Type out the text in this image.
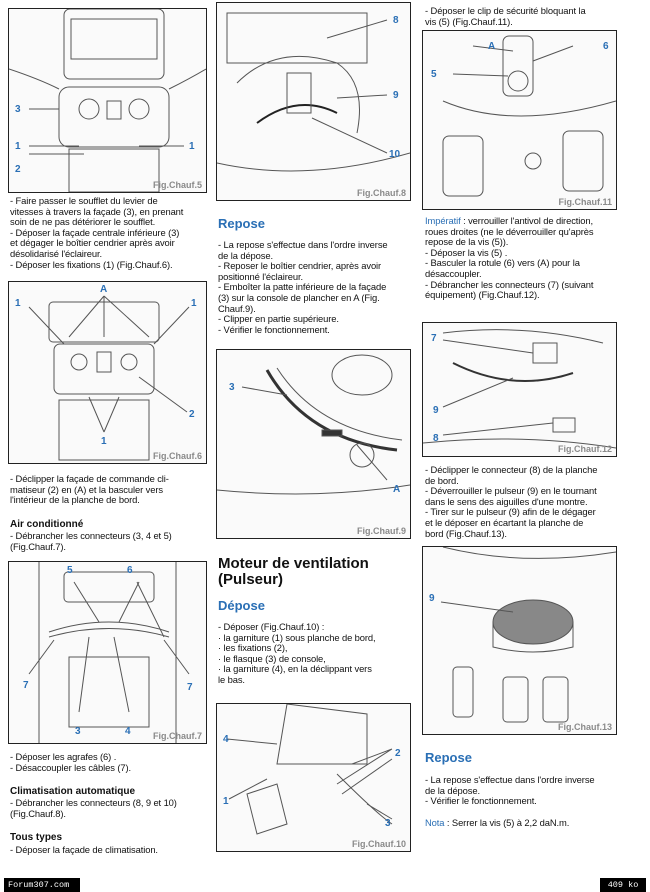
3
1	1
2
Fig.Chauf.5

- Faire passer le soufflet du levier de

vitesses à travers la façade (3), en prenant

soin de ne pas détériorer le soufflet.

- Déposer la façade centrale inférieure (3)

et dégager le boîtier cendrier après avoir

désolidarisé l'éclaireur.

- Déposer les fixations (1) (Fig.Chauf.6).

A
1	1
2
1
Fig.Chauf.6

- Déclipper la façade de commande cli-

matiseur (2) en (A) et la basculer vers

l'intérieur de la planche de bord.

Air conditionné

- Débrancher les connecteurs (3, 4 et 5)

(Fig.Chauf.7).

5	6
7	7
3	4 Fig.Chauf.7

- Déposer les agrafes (6) .

- Désaccoupler les câbles (7).

Climatisation automatique

- Débrancher les connecteurs (8, 9 et 10)

(Fig.Chauf.8).

Tous types

- Déposer la façade de climatisation.

8
9
10
Fig.Chauf.8
Repose

- La repose s'effectue dans l'ordre inverse

de la dépose.

- Reposer le boîtier cendrier, après avoir

positionné l'éclaireur.

- Emboîter la patte inférieure de la façade

(3) sur la console de plancher en A (Fig.

Chauf.9).

- Clipper en partie supérieure.

- Vérifier le fonctionnement.

3
A
Fig.Chauf.9
Moteur de ventilation
(Pulseur)
Dépose

- Déposer (Fig.Chauf.10) :

· la garniture (1) sous planche de bord,

· les fixations (2),

· le flasque (3) de console,

· la garniture (4), en la déclippant vers

le bas.

4
2
1
3
Fig.Chauf.10

- Déposer le clip de sécurité bloquant la

vis (5) (Fig.Chauf.11).

A	6
5
Fig.Chauf.11

Impératif : verrouiller l'antivol de direction,

roues droites (ne le déverrouiller qu'après

repose de la vis (5)).

- Déposer la vis (5) .

- Basculer la rotule (6) vers (A) pour la

désaccoupler.

- Débrancher les connecteurs (7) (suivant

équipement) (Fig.Chauf.12).

7
9
8
Fig.Chauf.12

- Déclipper le connecteur (8) de la planche

de bord.

- Déverrouiller le pulseur (9) en le tournant

dans le sens des aiguilles d'une montre.

- Tirer sur le pulseur (9) afin de le dégager

et le déposer en écartant la planche de

bord (Fig.Chauf.13).

9
Fig.Chauf.13
Repose

- La repose s'effectue dans l'ordre inverse

de la dépose.

- Vérifier le fonctionnement.

Nota : Serrer la vis (5) à 2,2 daN.m.

Forum307.com	409 ko
